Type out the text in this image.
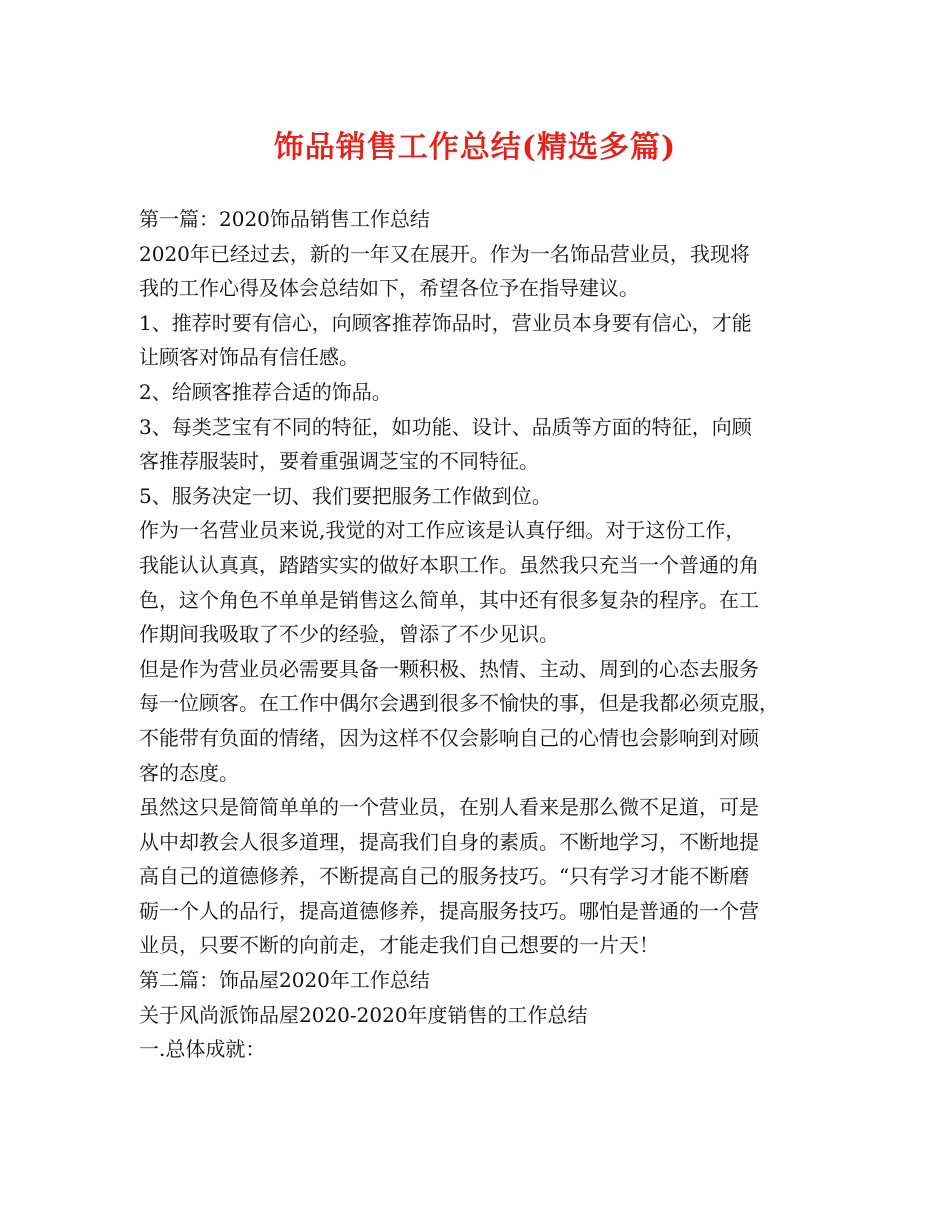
饰品销售工作总结(精选多篇)
第一篇：2020饰品销售工作总结
2020年已经过去，新的一年又在展开。作为一名饰品营业员，我现将
我的工作心得及体会总结如下，希望各位予在指导建议。
1、推荐时要有信心，向顾客推荐饰品时，营业员本身要有信心，才能
让顾客对饰品有信任感。
2、给顾客推荐合适的饰品。
3、每类芝宝有不同的特征，如功能、设计、品质等方面的特征，向顾
客推荐服装时，要着重强调芝宝的不同特征。
5、服务决定一切、我们要把服务工作做到位。
作为一名营业员来说,我觉的对工作应该是认真仔细。对于这份工作，
我能认认真真，踏踏实实的做好本职工作。虽然我只充当一个普通的角
色，这个角色不单单是销售这么简单，其中还有很多复杂的程序。在工
作期间我吸取了不少的经验，曾添了不少见识。
但是作为营业员必需要具备一颗积极、热情、主动、周到的心态去服务
每一位顾客。在工作中偶尔会遇到很多不愉快的事，但是我都必须克服，
不能带有负面的情绪，因为这样不仅会影响自己的心情也会影响到对顾
客的态度。
虽然这只是简简单单的一个营业员，在别人看来是那么微不足道，可是
从中却教会人很多道理，提高我们自身的素质。不断地学习，不断地提
高自己的道德修养，不断提高自己的服务技巧。“只有学习才能不断磨
砺一个人的品行，提高道德修养，提高服务技巧。哪怕是普通的一个营
业员，只要不断的向前走，才能走我们自己想要的一片天！
第二篇：饰品屋2020年工作总结
关于风尚派饰品屋2020-2020年度销售的工作总结
一.总体成就：
